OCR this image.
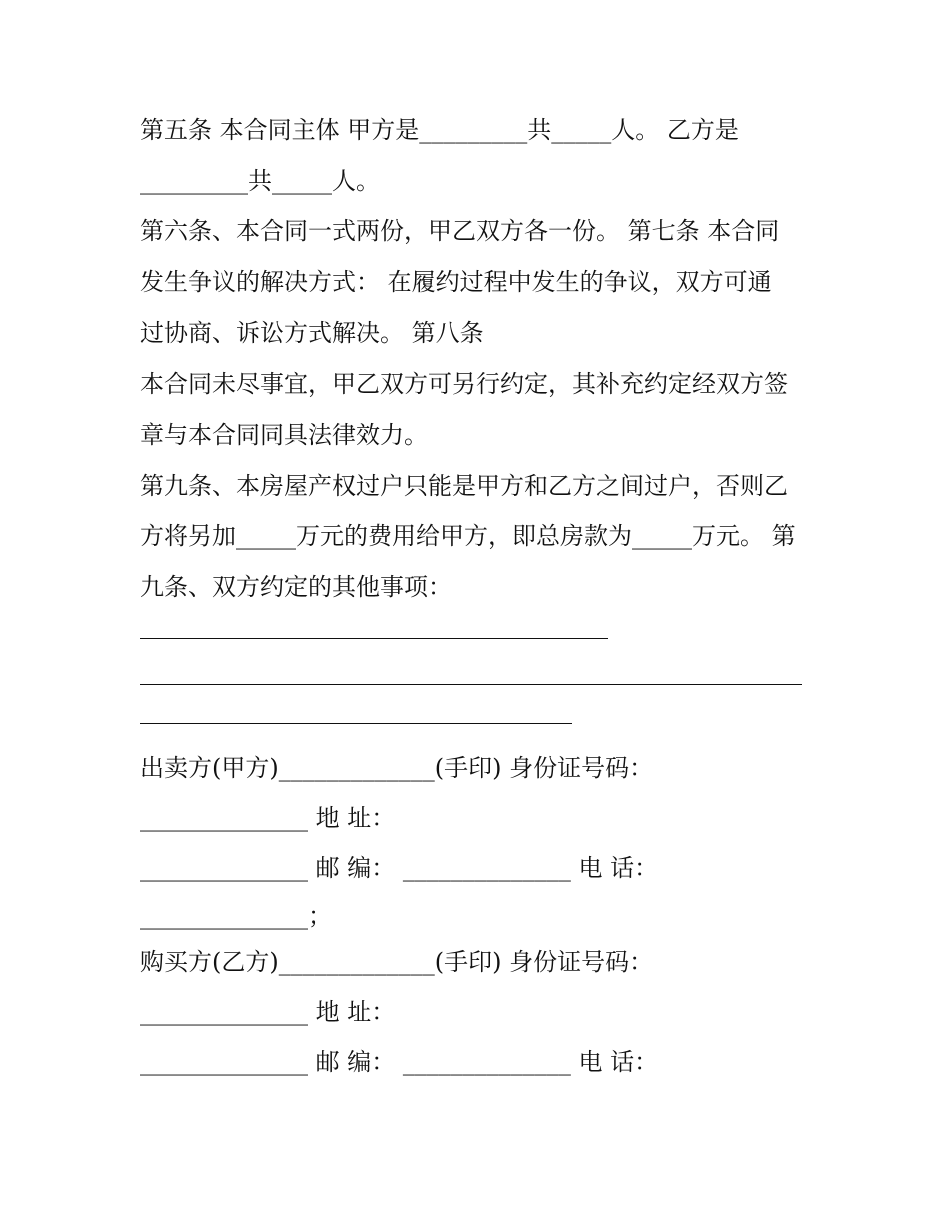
第五条 本合同主体 甲方是_________共_____人。 乙方是
_________共_____人。
第六条、本合同一式两份，甲乙双方各一份。 第七条 本合同
发生争议的解决方式： 在履约过程中发生的争议，双方可通
过协商、诉讼方式解决。 第八条
本合同未尽事宜，甲乙双方可另行约定，其补充约定经双方签
章与本合同同具法律效力。
第九条、本房屋产权过户只能是甲方和乙方之间过户，否则乙
方将另加_____万元的费用给甲方，即总房款为_____万元。 第
九条、双方约定的其他事项：
出卖方(甲方)_____________(手印) 身份证号码：
______________ 地 址：
______________ 邮 编： ______________ 电 话：
______________；
购买方(乙方)_____________(手印) 身份证号码：
______________ 地 址：
______________ 邮 编： ______________ 电 话：
